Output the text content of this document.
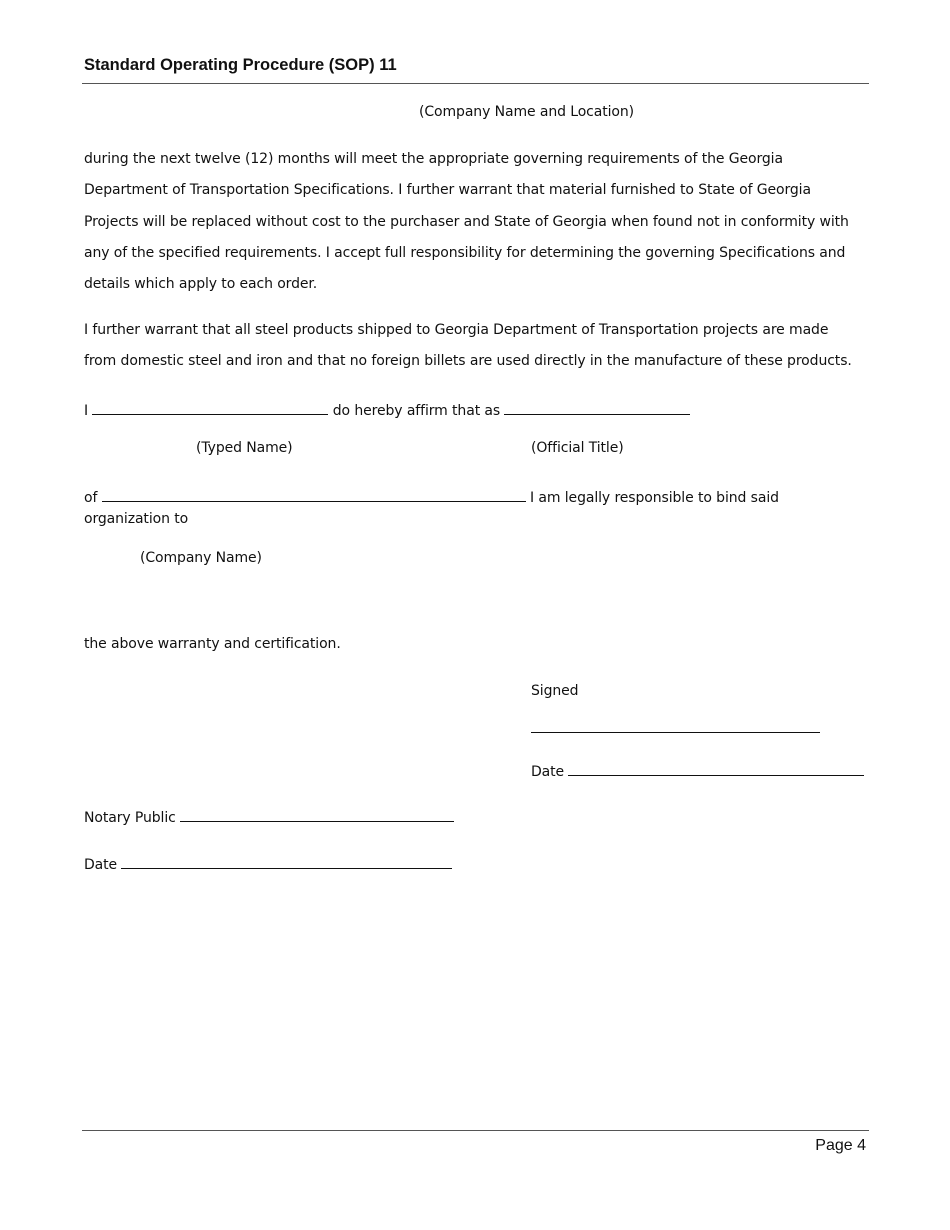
Standard Operating Procedure (SOP) 11
(Company Name and Location)
during the next twelve (12) months will meet the appropriate governing requirements of the Georgia Department of Transportation Specifications. I further warrant that material furnished to State of Georgia Projects will be replaced without cost to the purchaser and State of Georgia when found not in conformity with any of the specified requirements. I accept full responsibility for determining the governing Specifications and details which apply to each order.
I further warrant that all steel products shipped to Georgia Department of Transportation projects are made from domestic steel and iron and that no foreign billets are used directly in the manufacture of these products.
I	do hereby affirm that as
(Typed Name)	(Official Title)
of	I am legally responsible to bind said
organization to
(Company Name)
the above warranty and certification.
Signed
Date
Notary Public
Date
Page 4
